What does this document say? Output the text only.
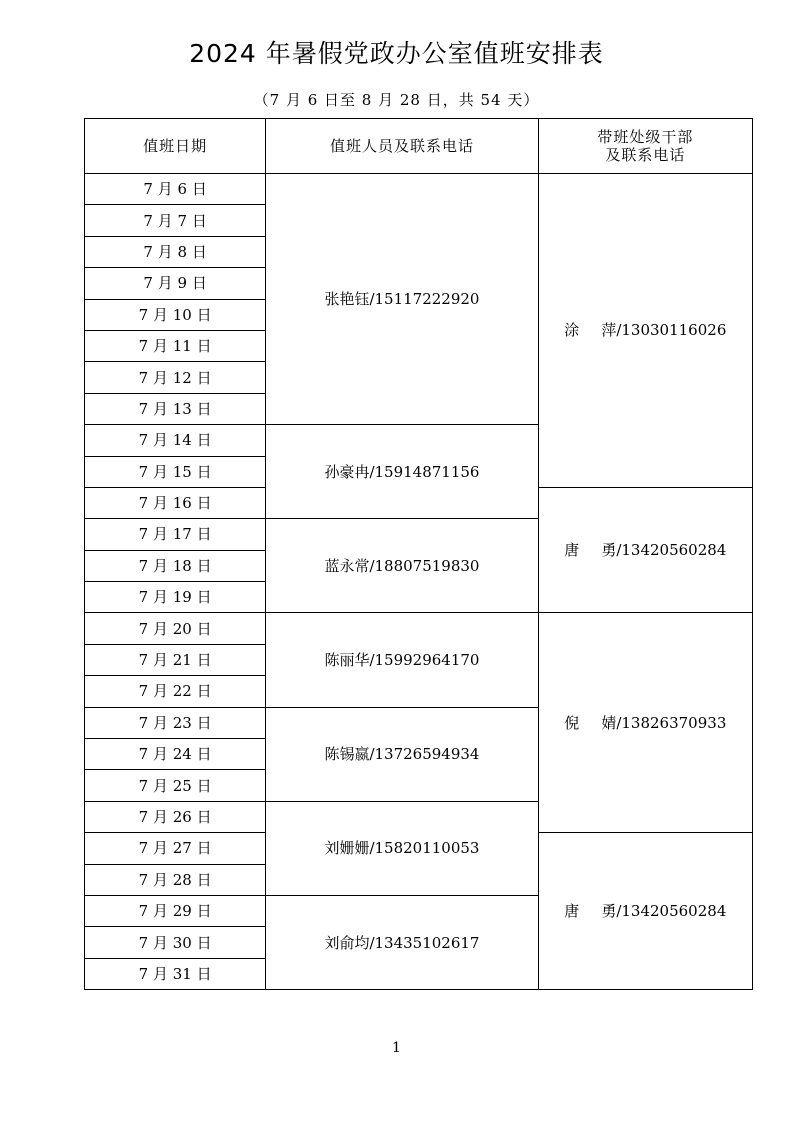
2024 年暑假党政办公室值班安排表
（7 月 6 日至 8 月 28 日，共 54 天）
值班日期	值班人员及联系电话	带班处级干部
及联系电话

7 月 6 日	张艳钰/15117222920	涂 萍/13030116026
7 月 7 日		
7 月 8 日		
7 月 9 日		
7 月 10 日		
7 月 11 日		
7 月 12 日		
7 月 13 日		
7 月 14 日	孙豪冉/15914871156	
7 月 15 日		
7 月 16 日		唐 勇/13420560284
7 月 17 日	蓝永常/18807519830	
7 月 18 日		
7 月 19 日		
7 月 20 日	陈丽华/15992964170	倪 婧/13826370933
7 月 21 日		
7 月 22 日		
7 月 23 日	陈锡嬴/13726594934	
7 月 24 日		
7 月 25 日		
7 月 26 日	刘姗姗/15820110053	
7 月 27 日		唐 勇/13420560284
7 月 28 日		
7 月 29 日	刘俞均/13435102617	
7 月 30 日		
7 月 31 日		
1
